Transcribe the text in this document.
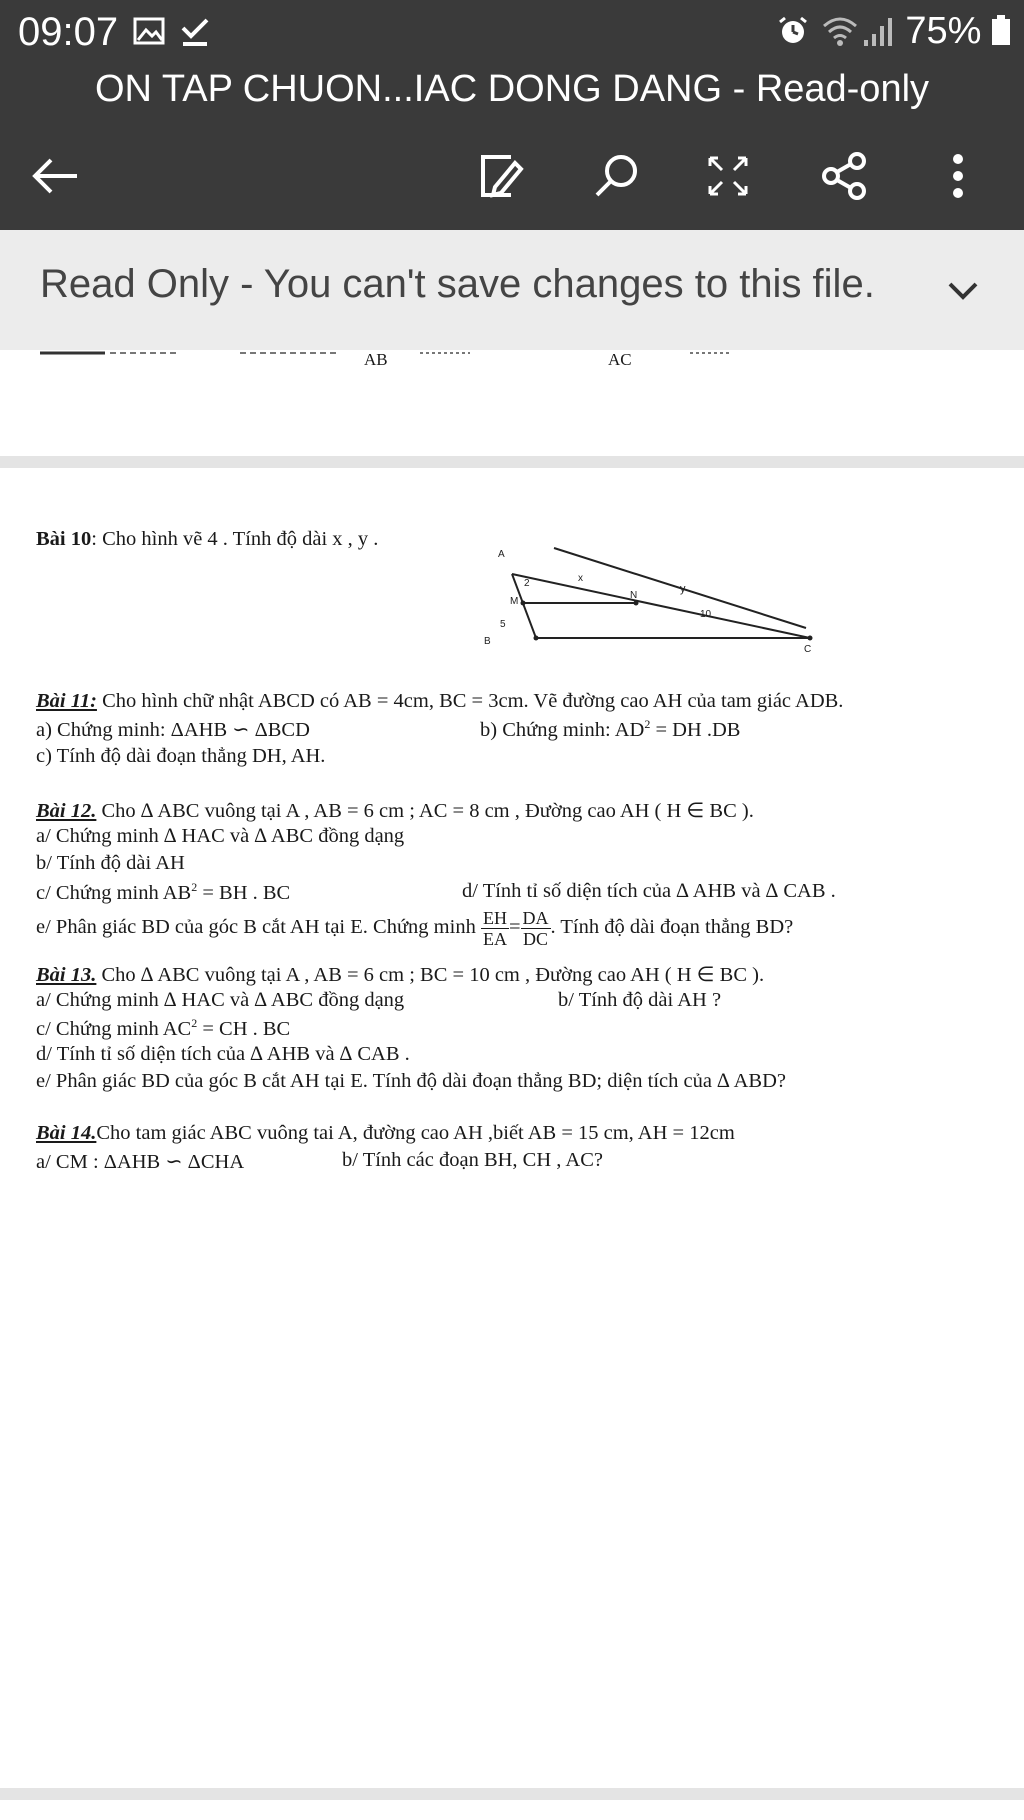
09:07	75%
ON TAP CHUON...IAC DONG DANG - Read-only
Read Only - You can't save changes to this file.
AB	AC
Bài 10: Cho hình vẽ 4 . Tính độ dài x , y .
A
M
N
B
C
2
5
x
y
10
Bài 11: Cho hình chữ nhật ABCD có AB = 4cm, BC = 3cm. Vẽ đường cao AH của tam giác ADB.
a) Chứng minh: ΔAHB ∽ ΔBCD	b) Chứng minh: $AD^2$ = DH .DB
c) Tính độ dài đoạn thẳng DH, AH.
Bài 12. Cho ∆ ABC vuông tại A , AB = 6 cm ; AC = 8 cm , Đường cao AH ( H ∈ BC ).
a/ Chứng minh ∆ HAC và ∆ ABC đồng dạng
b/ Tính độ dài AH
c/ Chứng minh $AB^2$ = BH . BC	d/ Tính tỉ số diện tích của ∆ AHB và ∆ CAB .
e/ Phân giác BD của góc B cắt AH tại E. Chứng minh $\frac{EH}{EA} = \frac{DA}{DC}$ . Tính độ dài đoạn thẳng BD?
Bài 13. Cho ∆ ABC vuông tại A , AB = 6 cm ; BC = 10 cm , Đường cao AH ( H ∈ BC ).
a/ Chứng minh ∆ HAC và ∆ ABC đồng dạng	b/ Tính độ dài AH ?
c/ Chứng minh $AC^2$ = CH . BC
d/ Tính tỉ số diện tích của ∆ AHB và ∆ CAB .
e/ Phân giác BD của góc B cắt AH tại E. Tính độ dài đoạn thẳng BD; diện tích của ∆ ABD?
Bài 14.Cho tam giác ABC vuông tai A, đường cao AH ,biết AB = 15 cm, AH = 12cm
a/ CM : ΔAHB ∽ ΔCHA	b/ Tính các đoạn BH, CH , AC?
